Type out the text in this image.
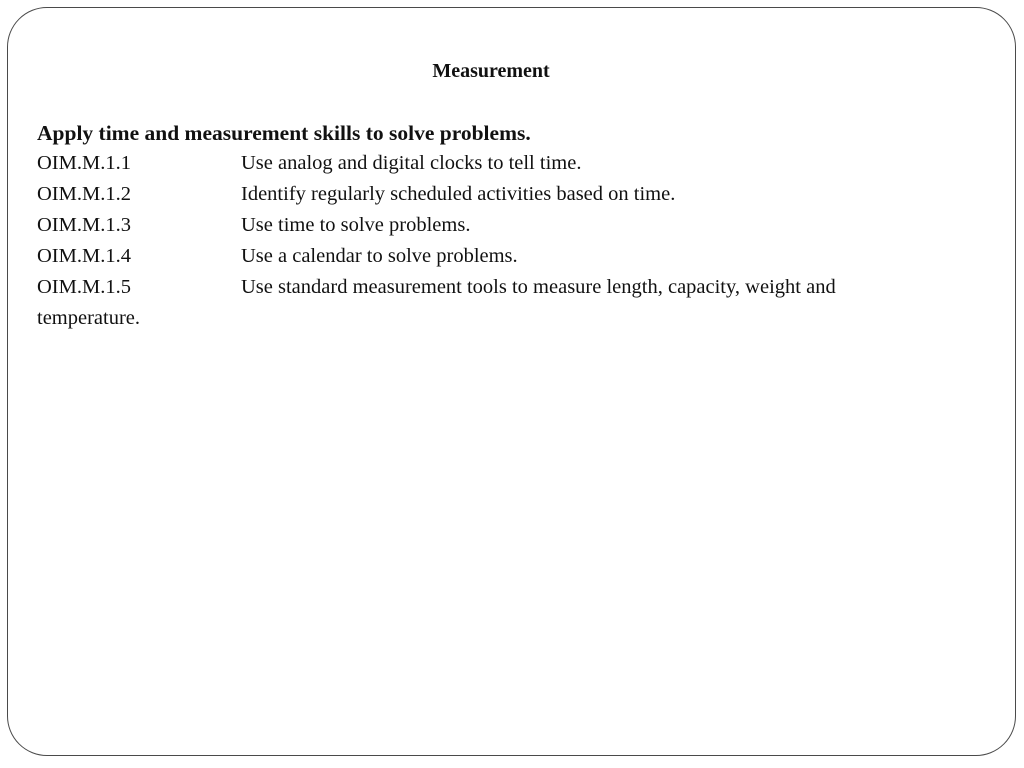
Measurement
Apply time and measurement skills to solve problems.
OIM.M.1.1	Use analog and digital clocks to tell time.
OIM.M.1.2	Identify regularly scheduled activities based on time.
OIM.M.1.3	Use time to solve problems.
OIM.M.1.4	Use a calendar to solve problems.
OIM.M.1.5	Use standard measurement tools to measure length, capacity, weight and
temperature.
